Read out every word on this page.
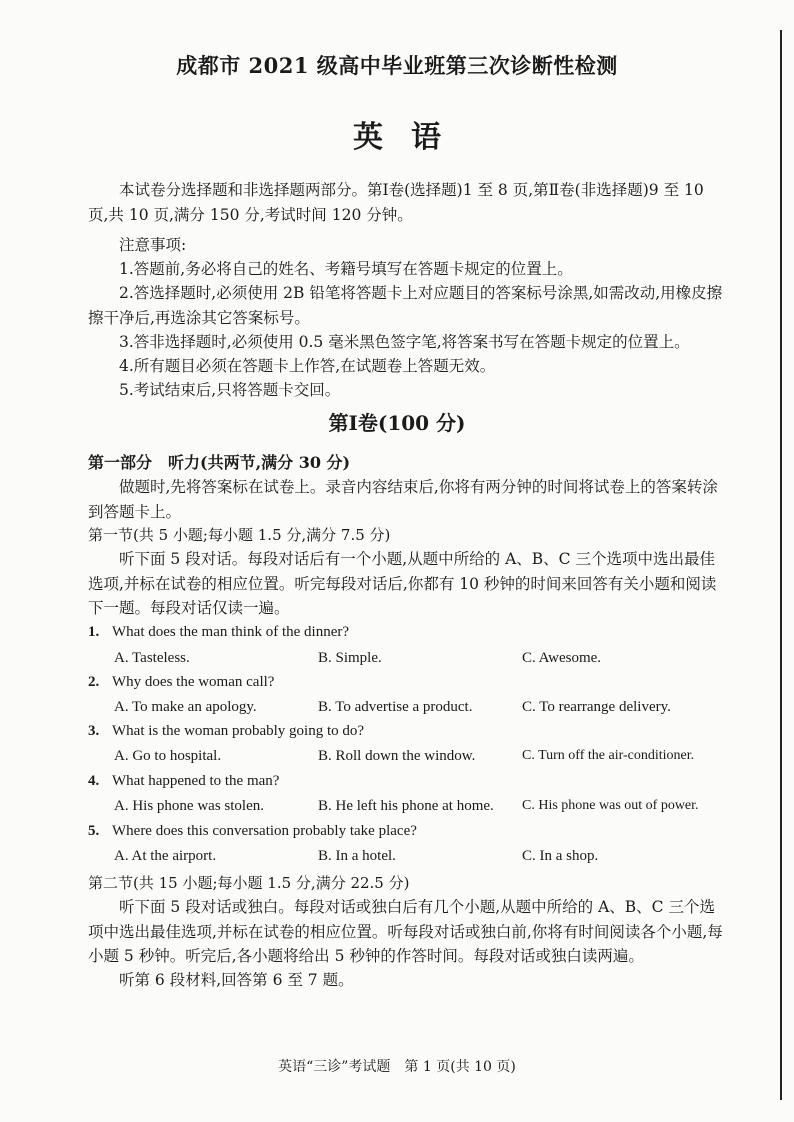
成都市 2021 级高中毕业班第三次诊断性检测
英语

本试卷分选择题和非选择题两部分。第Ⅰ卷(选择题)1 至 8 页,第Ⅱ卷(非选择题)9 至 10 页,共 10 页,满分 150 分,考试时间 120 分钟。

注意事项:

1.答题前,务必将自己的姓名、考籍号填写在答题卡规定的位置上。

2.答选择题时,必须使用 2B 铅笔将答题卡上对应题目的答案标号涂黑,如需改动,用橡皮擦擦干净后,再选涂其它答案标号。

3.答非选择题时,必须使用 0.5 毫米黑色签字笔,将答案书写在答题卡规定的位置上。

4.所有题目必须在答题卡上作答,在试题卷上答题无效。

5.考试结束后,只将答题卡交回。

第Ⅰ卷(100 分)

第一部分　听力(共两节,满分 30 分)

做题时,先将答案标在试卷上。录音内容结束后,你将有两分钟的时间将试卷上的答案转涂到答题卡上。

第一节(共 5 小题;每小题 1.5 分,满分 7.5 分)

听下面 5 段对话。每段对话后有一个小题,从题中所给的 A、B、C 三个选项中选出最佳选项,并标在试卷的相应位置。听完每段对话后,你都有 10 秒钟的时间来回答有关小题和阅读下一题。每段对话仅读一遍。

1. What does the man think of the dinner?
A. Tasteless.	B. Simple.	C. Awesome.
2. Why does the woman call?
A. To make an apology.	B. To advertise a product.	C. To rearrange delivery.
3. What is the woman probably going to do?
A. Go to hospital.	B. Roll down the window.	C. Turn off the air-conditioner.
4. What happened to the man?
A. His phone was stolen.	B. He left his phone at home. C. His phone was out of power.
5. Where does this conversation probably take place?
A. At the airport.	B. In a hotel.	C. In a shop.

第二节(共 15 小题;每小题 1.5 分,满分 22.5 分)

听下面 5 段对话或独白。每段对话或独白后有几个小题,从题中所给的 A、B、C 三个选项中选出最佳选项,并标在试卷的相应位置。听每段对话或独白前,你将有时间阅读各个小题,每小题 5 秒钟。听完后,各小题将给出 5 秒钟的作答时间。每段对话或独白读两遍。

听第 6 段材料,回答第 6 至 7 题。

英语“三诊”考试题　第 1 页(共 10 页)
